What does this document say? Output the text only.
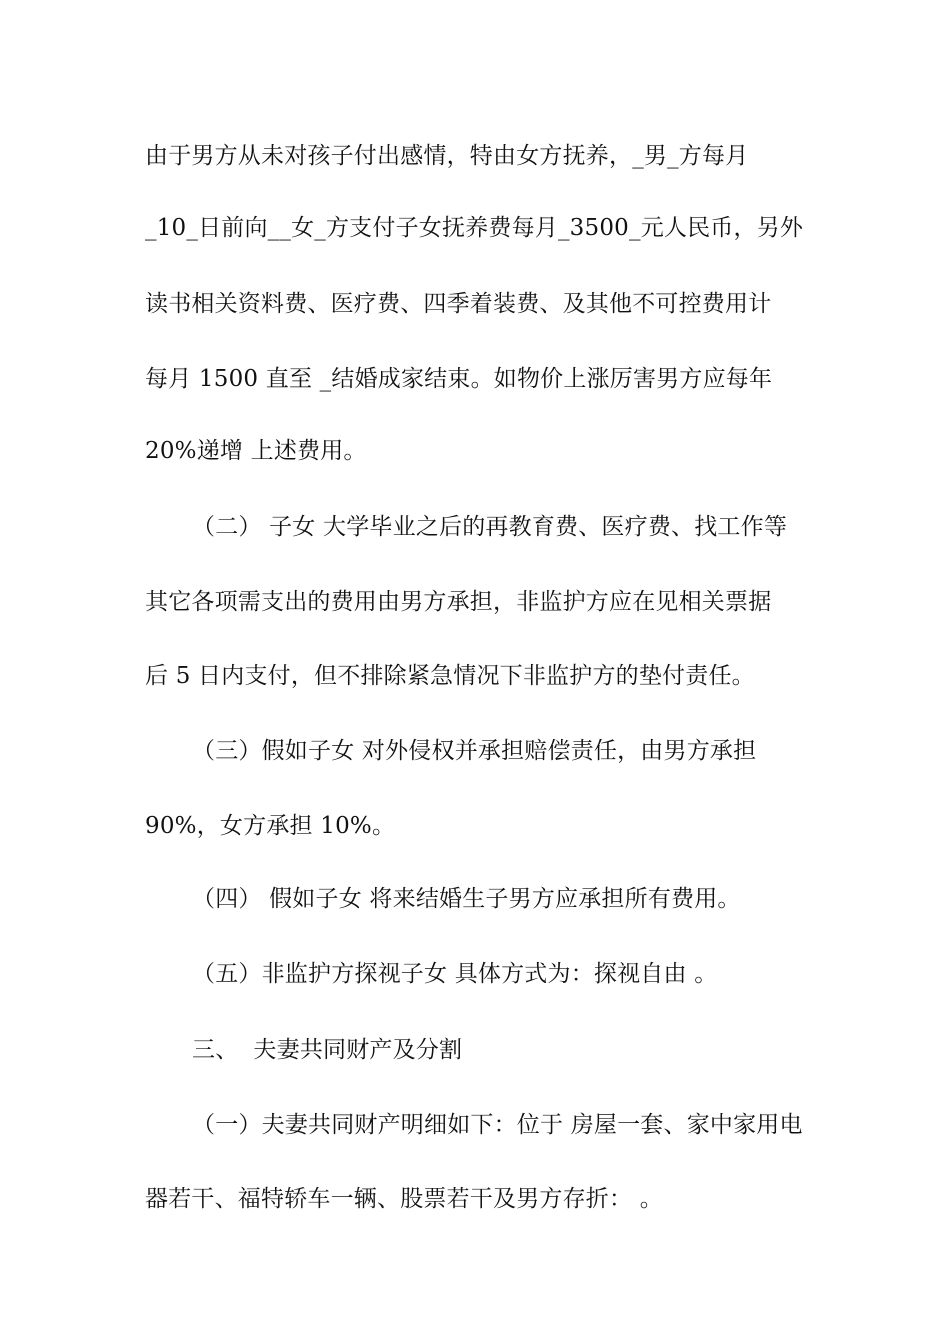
由于男方从未对孩子付出感情，特由女方抚养，_男_方每月
_10_日前向__女_方支付子女抚养费每月_3500_元人民币，另外
读书相关资料费、医疗费、四季着装费、及其他不可控费用计
每月 1500 直至 _结婚成家结束。如物价上涨厉害男方应每年
20%递增 上述费用。
（二） 子女 大学毕业之后的再教育费、医疗费、找工作等
其它各项需支出的费用由男方承担，非监护方应在见相关票据
后 5 日内支付，但不排除紧急情况下非监护方的垫付责任。
（三）假如子女 对外侵权并承担赔偿责任，由男方承担
90%，女方承担 10%。
（四） 假如子女 将来结婚生子男方应承担所有费用。
（五）非监护方探视子女 具体方式为：探视自由 。
三、  夫妻共同财产及分割
（一）夫妻共同财产明细如下：位于 房屋一套、家中家用电
器若干、福特轿车一辆、股票若干及男方存折： 。
